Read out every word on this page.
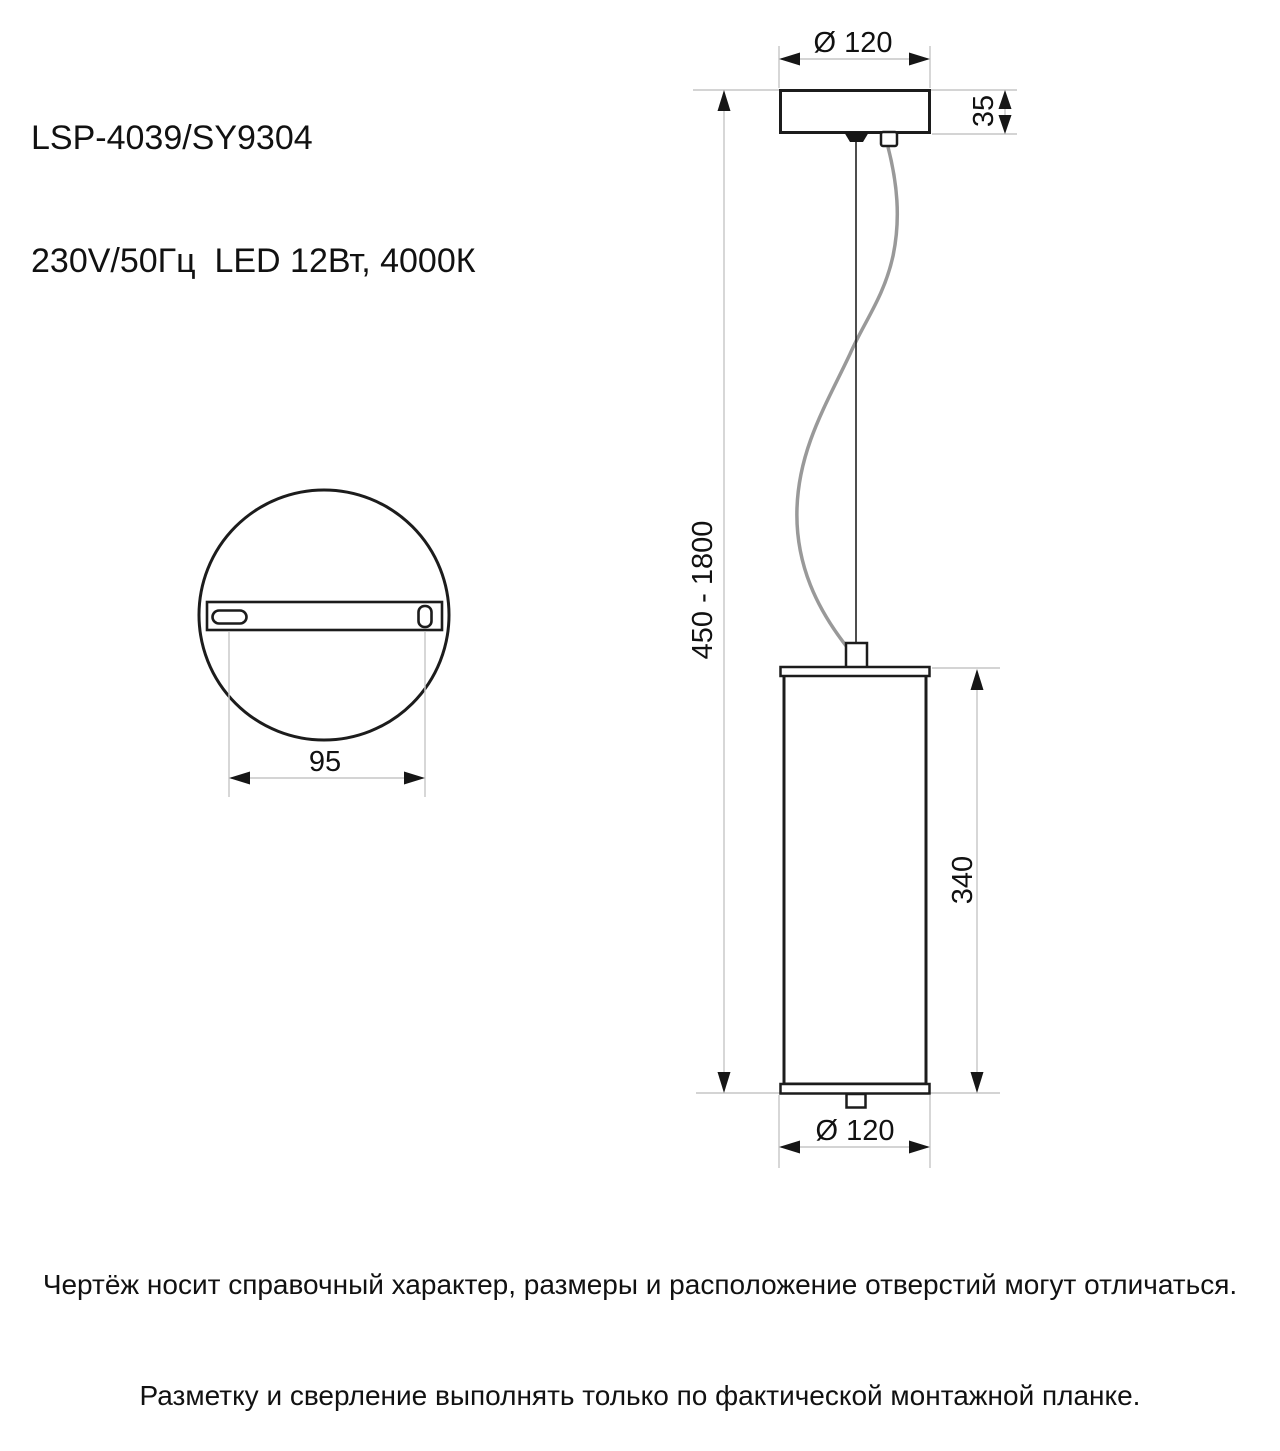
LSP-4039/SY9304

230V/50Гц  LED 12Вт, 4000К

Ø 120
35
450 - 1800
340
Ø 120
95

Чертёж носит справочный характер, размеры и расположение отверстий могут отличаться.

Разметку и сверление выполнять только по фактической монтажной планке.
